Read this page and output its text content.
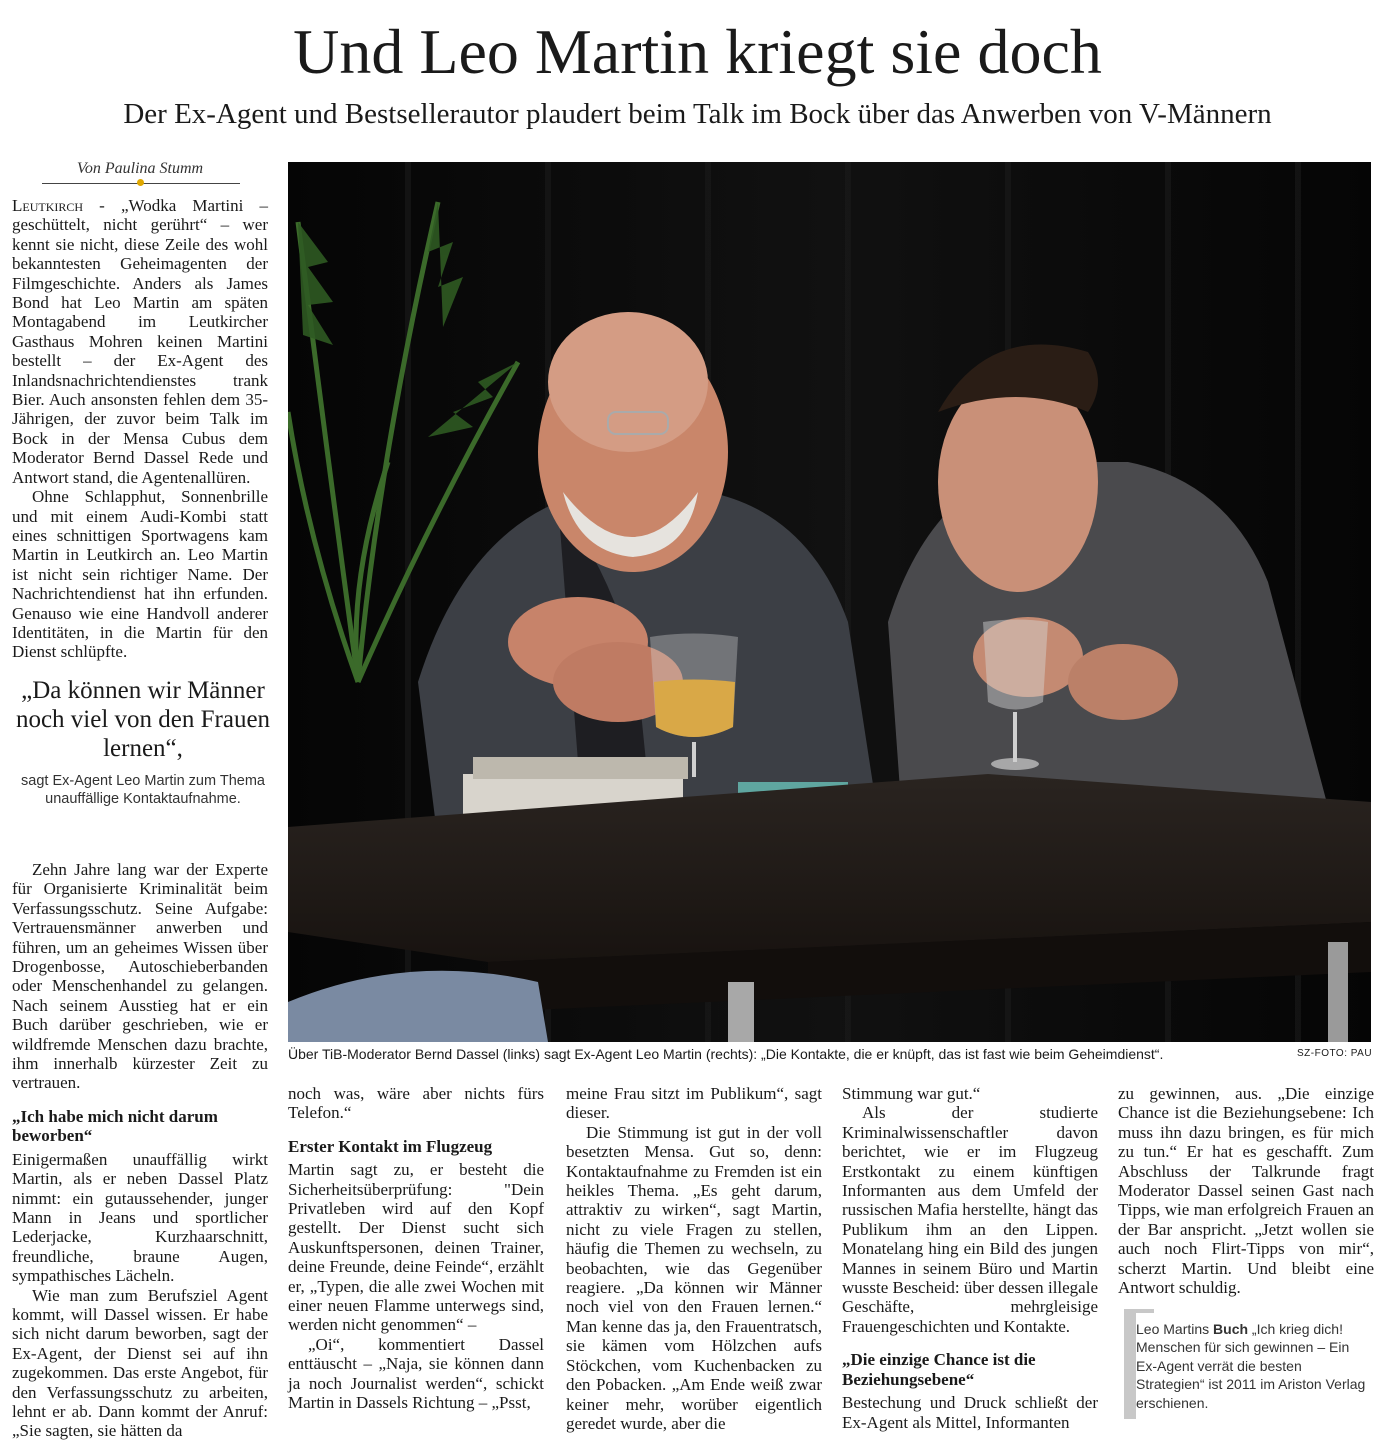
Und Leo Martin kriegt sie doch
Der Ex-Agent und Bestsellerautor plaudert beim Talk im Bock über das Anwerben von V-Männern
Von Paulina Stumm

Leutkirch - „Wodka Martini – geschüttelt, nicht gerührt“ – wer kennt sie nicht, diese Zeile des wohl bekanntesten Geheimagenten der Filmgeschichte. Anders als James Bond hat Leo Martin am späten Montagabend im Leutkircher Gasthaus Mohren keinen Martini bestellt – der Ex-Agent des Inlandsnachrichtendienstes trank Bier. Auch ansonsten fehlen dem 35-Jährigen, der zuvor beim Talk im Bock in der Mensa Cubus dem Moderator Bernd Dassel Rede und Antwort stand, die Agentenallüren.

Ohne Schlapphut, Sonnenbrille und mit einem Audi-Kombi statt eines schnittigen Sportwagens kam Martin in Leutkirch an. Leo Martin ist nicht sein richtiger Name. Der Nachrichtendienst hat ihn erfunden. Genauso wie eine Handvoll anderer Identitäten, in die Martin für den Dienst schlüpfte.

„Da können wir Männer noch viel von den Frauen lernen“,
sagt Ex-Agent Leo Martin zum Thema unauffällige Kontaktaufnahme.

Zehn Jahre lang war der Experte für Organisierte Kriminalität beim Verfassungsschutz. Seine Aufgabe: Vertrauensmänner anwerben und führen, um an geheimes Wissen über Drogenbosse, Autoschieberbanden oder Menschenhandel zu gelangen. Nach seinem Ausstieg hat er ein Buch darüber geschrieben, wie er wildfremde Menschen dazu brachte, ihm innerhalb kürzester Zeit zu vertrauen.

„Ich habe mich nicht darum beworben“

Einigermaßen unauffällig wirkt Martin, als er neben Dassel Platz nimmt: ein gutaussehender, junger Mann in Jeans und sportlicher Lederjacke, Kurzhaarschnitt, freundliche, braune Augen, sympathisches Lächeln.

Wie man zum Berufsziel Agent kommt, will Dassel wissen. Er habe sich nicht darum beworben, sagt der Ex-Agent, der Dienst sei auf ihn zugekommen. Das erste Angebot, für den Verfassungsschutz zu arbeiten, lehnt er ab. Dann kommt der Anruf: „Sie sagten, sie hätten da

Über TiB-Moderator Bernd Dassel (links) sagt Ex-Agent Leo Martin (rechts): „Die Kontakte, die er knüpft, das ist fast wie beim Geheimdienst“.	SZ-FOTO: PAU

noch was, wäre aber nichts fürs Telefon.“

Erster Kontakt im Flugzeug

Martin sagt zu, er besteht die Sicherheitsüberprüfung: "Dein Privatleben wird auf den Kopf gestellt. Der Dienst sucht sich Auskunftspersonen, deinen Trainer, deine Freunde, deine Feinde“, erzählt er, „Typen, die alle zwei Wochen mit einer neuen Flamme unterwegs sind, werden nicht genommen“ –

„Oi“, kommentiert Dassel enttäuscht – „Naja, sie können dann ja noch Journalist werden“, schickt Martin in Dassels Richtung – „Psst,

meine Frau sitzt im Publikum“, sagt dieser.

Die Stimmung ist gut in der voll besetzten Mensa. Gut so, denn: Kontaktaufnahme zu Fremden ist ein heikles Thema. „Es geht darum, attraktiv zu wirken“, sagt Martin, nicht zu viele Fragen zu stellen, häufig die Themen zu wechseln, zu beobachten, wie das Gegenüber reagiere. „Da können wir Männer noch viel von den Frauen lernen.“ Man kenne das ja, den Frauentratsch, sie kämen vom Hölzchen aufs Stöckchen, vom Kuchenbacken zu den Pobacken. „Am Ende weiß zwar keiner mehr, worüber eigentlich geredet wurde, aber die

Stimmung war gut.“

Als der studierte Kriminalwissenschaftler davon berichtet, wie er im Flugzeug Erstkontakt zu einem künftigen Informanten aus dem Umfeld der russischen Mafia herstellte, hängt das Publikum ihm an den Lippen. Monatelang hing ein Bild des jungen Mannes in seinem Büro und Martin wusste Bescheid: über dessen illegale Geschäfte, mehrgleisige Frauengeschichten und Kontakte.

„Die einzige Chance ist die Beziehungsebene“

Bestechung und Druck schließt der Ex-Agent als Mittel, Informanten

zu gewinnen, aus. „Die einzige Chance ist die Beziehungsebene: Ich muss ihn dazu bringen, es für mich zu tun.“ Er hat es geschafft. Zum Abschluss der Talkrunde fragt Moderator Dassel seinen Gast nach Tipps, wie man erfolgreich Frauen an der Bar anspricht. „Jetzt wollen sie auch noch Flirt-Tipps von mir“, scherzt Martin. Und bleibt eine Antwort schuldig.

Leo Martins Buch „Ich krieg dich! Menschen für sich gewinnen – Ein Ex-Agent verrät die besten Strategien“ ist 2011 im Ariston Verlag erschienen.
